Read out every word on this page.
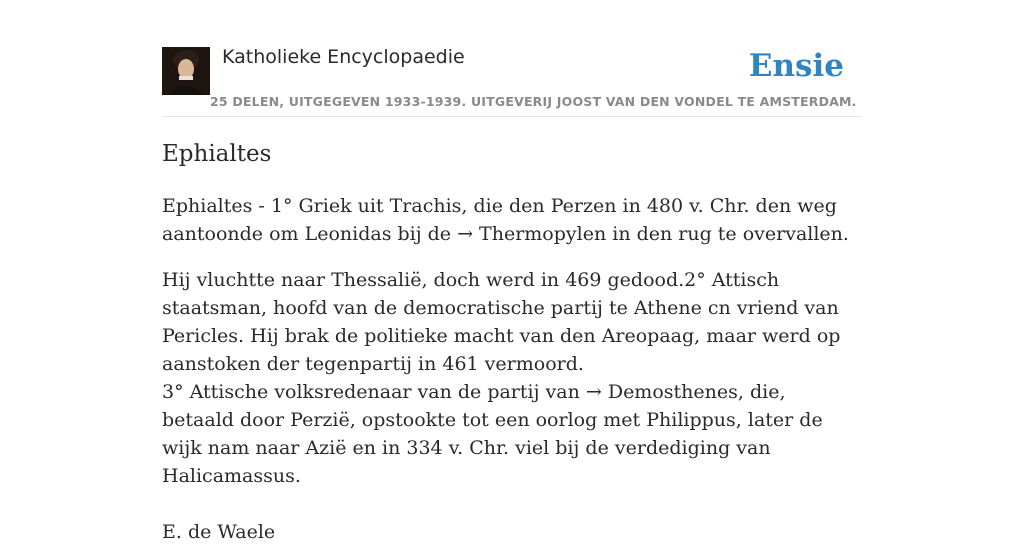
Katholieke Encyclopaedie
25 DELEN, UITGEGEVEN 1933-1939. UITGEVERIJ JOOST VAN DEN VONDEL TE AMSTERDAM.
Ensie
Ephialtes

Ephialtes - 1° Griek uit Trachis, die den Perzen in 480 v. Chr. den weg aantoonde om Leonidas bij de → Thermopylen in den rug te overvallen.

Hij vluchtte naar Thessalië, doch werd in 469 gedood.2° Attisch staatsman, hoofd van de democratische partij te Athene cn vriend van Pericles. Hij brak de politieke macht van den Areopaag, maar werd op aanstoken der tegenpartij in 461 vermoord.
3° Attische volksredenaar van de partij van → Demosthenes, die, betaald door Perzië, opstookte tot een oorlog met Philippus, later de wijk nam naar Azië en in 334 v. Chr. viel bij de verdediging van Halicamassus.

E. de Waele
